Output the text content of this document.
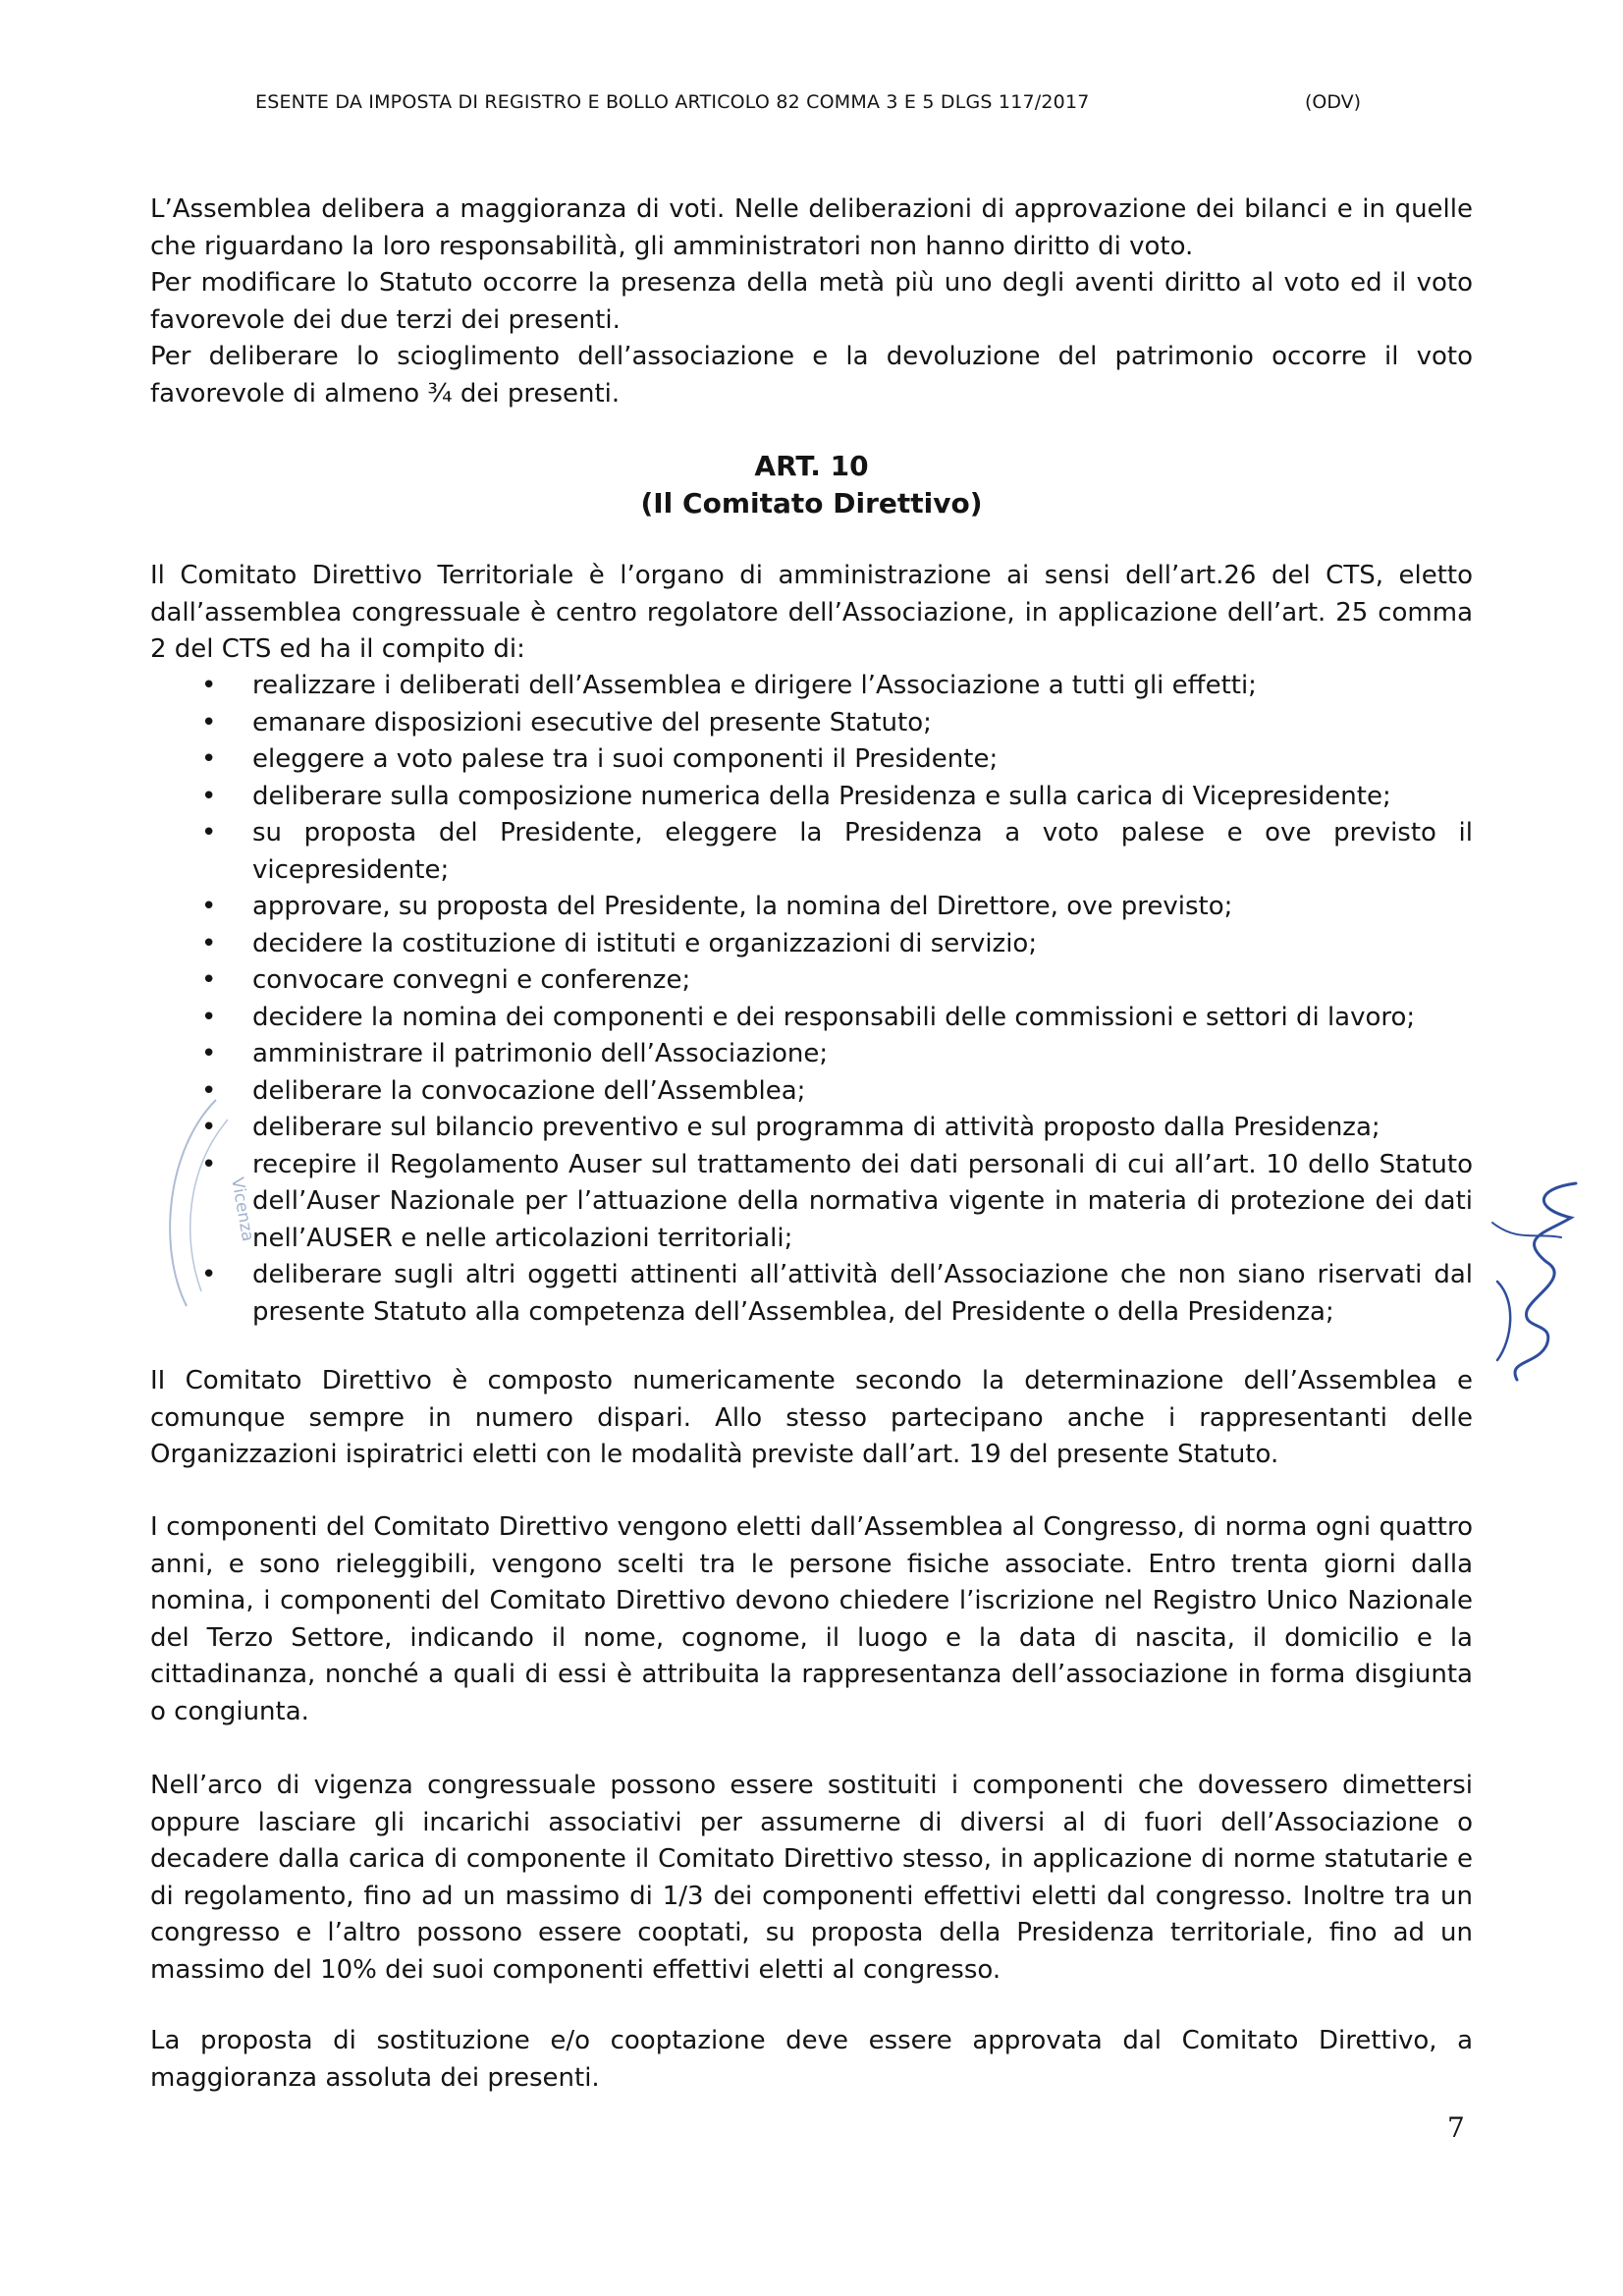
ESENTE DA IMPOSTA DI REGISTRO E BOLLO ARTICOLO 82 COMMA 3 E 5 DLGS 117/2017	(ODV)

L’Assemblea delibera a maggioranza di voti. Nelle deliberazioni di approvazione dei bilanci e in quelle che riguardano la loro responsabilità, gli amministratori non hanno diritto di voto.

Per modificare lo Statuto occorre la presenza della metà più uno degli aventi diritto al voto ed il voto favorevole dei due terzi dei presenti.

Per deliberare lo scioglimento dell’associazione e la devoluzione del patrimonio occorre il voto favorevole di almeno ¾ dei presenti.

ART. 10
(Il Comitato Direttivo)
Il Comitato Direttivo Territoriale è l’organo di amministrazione ai sensi dell’art.26 del CTS, eletto dall’assemblea congressuale è centro regolatore dell’Associazione, in applicazione dell’art. 25 comma 2 del CTS ed ha il compito di:
• realizzare i deliberati dell’Assemblea e dirigere l’Associazione a tutti gli effetti;
• emanare disposizioni esecutive del presente Statuto;
• eleggere a voto palese tra i suoi componenti il Presidente;
• deliberare sulla composizione numerica della Presidenza e sulla carica di Vicepresidente;
• su proposta del Presidente, eleggere la Presidenza a voto palese e ove previsto il vicepresidente;
• approvare, su proposta del Presidente, la nomina del Direttore, ove previsto;
• decidere la costituzione di istituti e organizzazioni di servizio;
• convocare convegni e conferenze;
• decidere la nomina dei componenti e dei responsabili delle commissioni e settori di lavoro;
• amministrare il patrimonio dell’Associazione;
• deliberare la convocazione dell’Assemblea;
• deliberare sul bilancio preventivo e sul programma di attività proposto dalla Presidenza;
• recepire il Regolamento Auser sul trattamento dei dati personali di cui all’art. 10 dello Statuto dell’Auser Nazionale per l’attuazione della normativa vigente in materia di protezione dei dati nell’AUSER e nelle articolazioni territoriali;
• deliberare sugli altri oggetti attinenti all’attività dell’Associazione che non siano riservati dal presente Statuto alla competenza dell’Assemblea, del Presidente o della Presidenza;
II Comitato Direttivo è composto numericamente secondo la determinazione dell’Assemblea e comunque sempre in numero dispari. Allo stesso partecipano anche i rappresentanti delle Organizzazioni ispiratrici eletti con le modalità previste dall’art. 19 del presente Statuto.
I componenti del Comitato Direttivo vengono eletti dall’Assemblea al Congresso, di norma ogni quattro anni, e sono rieleggibili, vengono scelti tra le persone fisiche associate. Entro trenta giorni dalla nomina, i componenti del Comitato Direttivo devono chiedere l’iscrizione nel Registro Unico Nazionale del Terzo Settore, indicando il nome, cognome, il luogo e la data di nascita, il domicilio e la cittadinanza, nonché a quali di essi è attribuita la rappresentanza dell’associazione in forma disgiunta o congiunta.
Nell’arco di vigenza congressuale possono essere sostituiti i componenti che dovessero dimettersi oppure lasciare gli incarichi associativi per assumerne di diversi al di fuori dell’Associazione o decadere dalla carica di componente il Comitato Direttivo stesso, in applicazione di norme statutarie e di regolamento, fino ad un massimo di 1/3 dei componenti effettivi eletti dal congresso. Inoltre tra un congresso e l’altro possono essere cooptati, su proposta della Presidenza territoriale, fino ad un massimo del 10% dei suoi componenti effettivi eletti al congresso.
La proposta di sostituzione e/o cooptazione deve essere approvata dal Comitato Direttivo, a maggioranza assoluta dei presenti.
7
Vicenza
